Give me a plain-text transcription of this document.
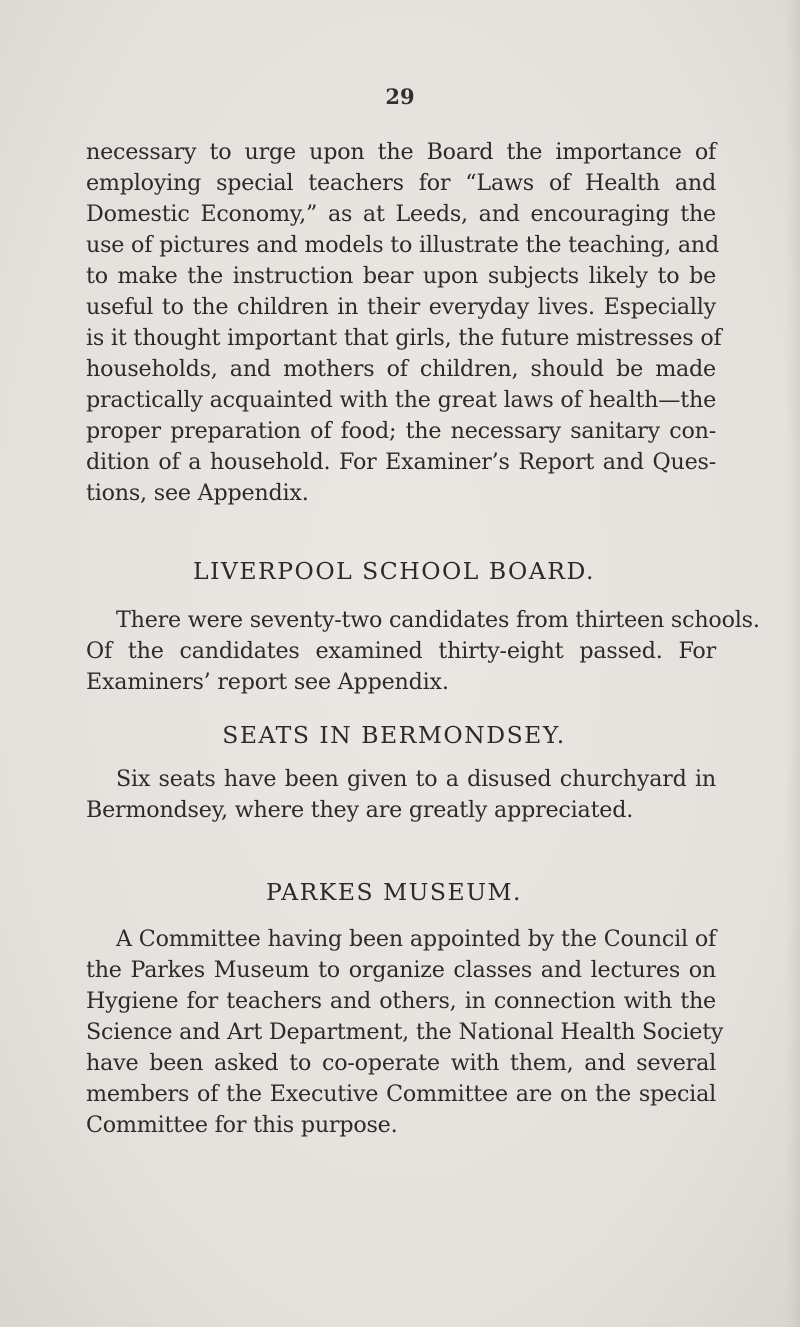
29
necessary to urge upon the Board the importance of
employing special teachers for “Laws of Health and
Domestic Economy,” as at Leeds, and encouraging the
use of pictures and models to illustrate the teaching, and
to make the instruction bear upon subjects likely to be
useful to the children in their everyday lives. Especially
is it thought important that girls, the future mistresses of
households, and mothers of children, should be made
practically acquainted with the great laws of health—the
proper preparation of food; the necessary sanitary con-
dition of a household. For Examiner’s Report and Ques-
tions, see Appendix.
LIVERPOOL SCHOOL BOARD.
There were seventy-two candidates from thirteen schools.
Of the candidates examined thirty-eight passed. For
Examiners’ report see Appendix.
SEATS IN BERMONDSEY.
Six seats have been given to a disused churchyard in
Bermondsey, where they are greatly appreciated.
PARKES MUSEUM.
A Committee having been appointed by the Council of
the Parkes Museum to organize classes and lectures on
Hygiene for teachers and others, in connection with the
Science and Art Department, the National Health Society
have been asked to co-operate with them, and several
members of the Executive Committee are on the special
Committee for this purpose.
